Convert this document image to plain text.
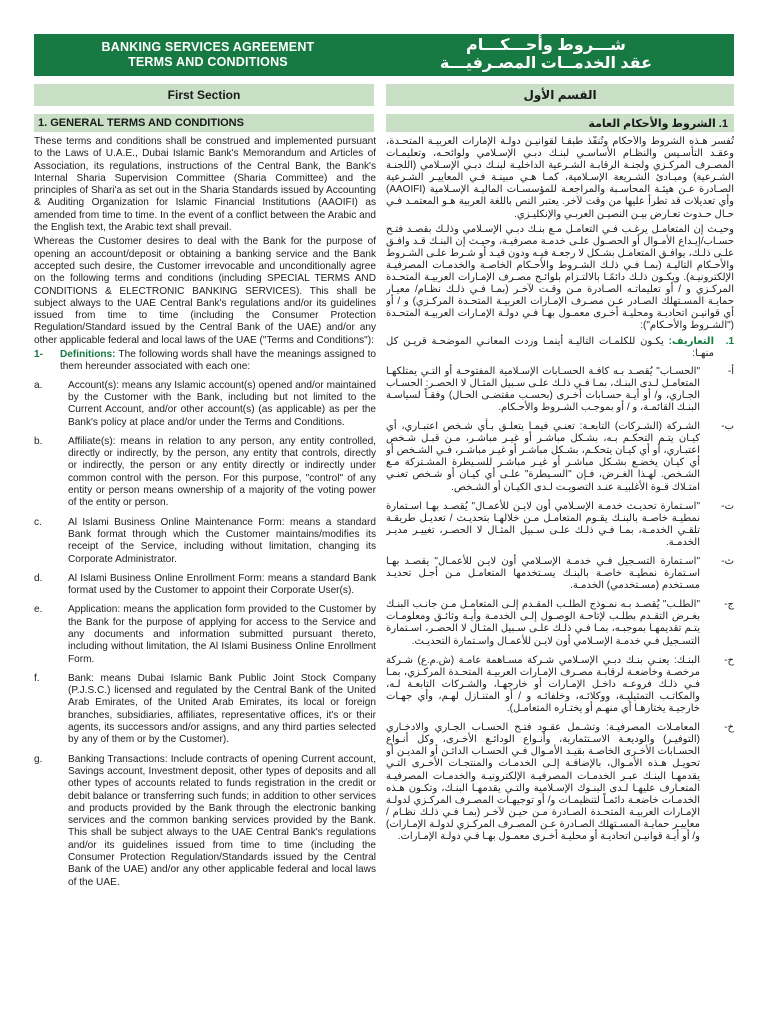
BANKING SERVICES AGREEMENT
TERMS AND CONDITIONS
شـــروط وأحـــكـــام
عقد الخدمــات المصـرفيـــة
First Section	القسم الأول
1. GENERAL TERMS AND CONDITIONS	1. الشروط والأحكام العامة

These terms and conditions shall be construed and implemented pursuant to the Laws of U.A.E., Dubai Islamic Bank's Memorandum and Articles of Association, its regulations, instructions of the Central Bank, the Bank's Internal Sharia Supervision Committee (Sharia Committee) and the principles of Shari'a as set out in the Sharia Standards issued by Accounting & Auditing Organization for Islamic Financial Institutions (AAOIFI) as amended from time to time. In the event of a conflict between the Arabic and the English text, the Arabic text shall prevail.

Whereas the Customer desires to deal with the Bank for the purpose of opening an account/deposit or obtaining a banking service and the Bank accepted such desire, the Customer irrevocable and unconditionally agree on the following terms and conditions (including SPECIAL TERMS AND CONDITIONS & ELECTRONIC BANKING SERVICES). This shall be subject always to the UAE Central Bank's regulations and/or its guidelines issued from time to time (including the Consumer Protection Regulation/Standard issued by the Central Bank of the UAE) and/or any other applicable federal and local laws of the UAE ("Terms and Conditions"):

1-	Definitions: The following words shall have the meanings assigned to them hereunder associated with each one:
a.	Account(s): means any Islamic account(s) opened and/or maintained by the Customer with the Bank, including but not limited to the Current Account, and/or other account(s) (as applicable) as per the Bank's policy at place and/or under the Terms and Conditions.
b.	Affiliate(s): means in relation to any person, any entity controlled, directly or indirectly, by the person, any entity that controls, directly or indirectly, the person or any entity directly or indirectly under common control with the person. For this purpose, "control" of any entity or person means ownership of a majority of the voting power of the entity or person.
c.	Al Islami Business Online Maintenance Form: means a standard Bank format through which the Customer maintains/modifies its receipt of the Service, including without limitation, changing its Corporate Administrator.
d.	Al Islami Business Online Enrollment Form: means a standard Bank format used by the Customer to appoint their Corporate User(s).
e.	Application: means the application form provided to the Customer by the Bank for the purpose of applying for access to the Service and any documents and information submitted pursuant thereto, including without limitation, the Al Islami Business Online Enrollment Form.
f.	Bank: means Dubai Islamic Bank Public Joint Stock Company (P.J.S.C.) licensed and regulated by the Central Bank of the United Arab Emirates, of the United Arab Emirates, its local or foreign branches, subsidiaries, affiliates, representative offices, it's or their agents, its successors and/or assigns, and any third parties selected by any of them or by the Customer).
g.	Banking Transactions: Include contracts of opening Current account, Savings account, Investment deposit, other types of deposits and all other types of accounts related to funds registration in the credit or debit balance or transferring such funds; in addition to other services and products provided by the Bank through the electronic banking services and the common banking services provided by the Bank. This shall be subject always to the UAE Central Bank's regulations and/or its guidelines issued from time to time (including the Consumer Protection Regulation/Standards issued by the Central Bank of the UAE) and/or any other applicable federal and local laws of the UAE.

تُفسر هـذه الشروط والأحكام وتُنفَّذ طبقـاً لقوانيـن دولـة الإمارات العربيـة المتحـدة، وعقـد التأسـيس والنظـام الأساسـي لبنـك دبـي الإسـلامي ولوائحـه، وتعليمـات المصـرف المركـزي ولجنـة الرقابـة الشـرعية الداخليـة لبنـك دبـي الإسـلامي (اللجنـة الشـرعية) ومبـادئ الشـريعة الإسـلامية، كمـا هـي مبينـة فـي المعاييـر الشـرعية الصـادرة عـن هيئـة المحاسـبة والمراجعـة للمؤسسـات الماليـة الإسـلامية (AAOIFI) وأي تعديلات قد تطرأ عليها من وقت لآخر. يعتبر النص باللغة العربية هـو المعتمـد فـي حـال حـدوث تعـارض بيـن النصيـن العربـي والإنكليـزي.

وحيـث إن المتعامـل يرغـب فـي التعامـل مـع بنـك دبـي الإسـلامي وذلـك بقصـد فتـح حسـاب/إيـداع الأمـوال أو الحصـول علـى خدمـة مصرفيـة، وحيـث إن البنـك قـد وافـق علـى ذلـك، يوافـق المتعامـل بشـكل لا رجعـة فيـه ودون قيـد أو شـرط علـى الشـروط والأحـكام التاليـة (بمـا فـي ذلـك الشـروط والأحـكام الخاصـة والخدمـات المصرفيـة الإلكترونيـة). ويكـون ذلـك دائمًـا بالالتـزام بلوائـح مصـرف الإمـارات العربيـة المتحـدة المركـزي و / أو تعليماتـه الصـادرة مـن وقـت لآخـر (بمـا فـي ذلـك نظـام/ معيـار حمايـة المسـتهلك الصـادر عـن مصـرف الإمـارات العربيـة المتحـدة المركـزي) و / أو أي قوانيـن اتحاديـة ومحليـة أخـرى معمـول بهـا فـي دولـة الإمـارات العربيـة المتحـدة ("الشـروط والأحـكام"):

1.
التعاريف: يكـون للكلمـات التاليـة أينمـا وردت المعانـي الموضحـة قريـن كل منهـا:
أ-
"الحسـاب" يُقصـد بـه كافـة الحسـابات الإسـلامية المفتوحـة أو التـي يمتلكهـا المتعامـل لـدى البنـك، بمـا فـي ذلـك علـى سـبيل المثـال لا الحصـر: الحسـاب الجـاري، و/ أو أيـة حسـابات أخـرى (بحسـب مقتضـى الحـال) وفقـاً لسياسـة البنـك القائمـة، و / أو بموجـب الشـروط والأحـكام.
ب-
الشـركة (الشـركات) التابعـة: تعنـي فيمـا يتعلـق بـأي شـخص اعتبـاري، أي كيـان يتـم التحكـم بـه، بشـكل مباشـر أو غيـر مباشـر، مـن قبـل شـخص اعتبـاري، أو أي كيـان يتحكـم، بشـكل مباشـر أو غيـر مباشـر، فـي الشـخص أو أي كيـان يخضـع بشـكل مباشـر أو غيـر مباشـر للسـيطرة المشـتركة مـع الشـخص. لهـذا الغـرض، فـإن "السـيطرة" علـى أي كيـان أو شـخص تعنـي امتـلاك قـوة الأغلبيـة عنـد التصويـت لـدى الكيـان أو الشـخص.
ت-
"اسـتمارة تحديـث خدمـة الإسـلامي أون لايـن للأعمـال" يُقصـد بهـا اسـتمارة نمطيـة خاصـة بالبنـك يقـوم المتعامـل مـن خلالهـا بتحديـث / تعديـل طريقـة تلقـي الخدمـة، بمـا فـي ذلـك علـى سـبيل المثـال لا الحصـر، تغييـر مديـر الخدمـة.
ث-
"اسـتمارة التسـجيل فـي خدمـة الإسـلامي أون لايـن للأعمـال" يقصـد بهـا اسـتمارة نمطيـة خاصـة بالبنـك يسـتخدمها المتعامـل مـن أجـل تحديـد مسـتخدم (مسـتخدمي) الخدمـة.
ج-
"الطلـب" يُقصـد بـه نمـوذج الطلـب المقـدم إلـى المتعامـل مـن جانـب البنـك بغـرض التقـدم بطلـب لإتاحـة الوصـول إلـى الخدمـة وأيـة وثائـق ومعلومـات يتـم تقديمهـا بموجبـه، بمـا فـي ذلـك علـى سـبيل المثـال لا الحصـر، اسـتمارة التسـجيل فـي خدمـة الإسـلامي أون لايـن للأعمـال واسـتمارة التحديـث.
ح-
البنـك: يعنـي بنـك دبـي الإسـلامي شـركة مسـاهمة عامـة (ش.م.ع) شـركة مرخصـة وخاضعـة لرقابـة مصـرف الإمـارات العربيـة المتحـدة المركـزي، بمـا فـي ذلـك فروعـه داخـل الإمـارات أو خارجهـا، والشـركات التابعـة لـه، والمكاتـب التمثيليـة، ووكلائـه، وخلفائـه و / أو المتنـازل لهـم، وأي جهـات خارجيـة يختارهـا أي منهـم أو يختـاره المتعامـل).
خ-
المعامـلات المصرفيـة: وتشـمل عقـود فتـح الحسـاب الجـاري والادخـاري (التوفيـر) والوديعـة الاسـتثمارية، وأنـواع الودائـع الأخـرى، وكل أنـواع الحسـابات الأخـرى الخاصـة بقيـد الأمـوال فـي الحسـاب الدائـن أو المديـن أو تحويـل هـذه الأمـوال، بالإضافـة إلـى الخدمـات والمنتجـات الأخـرى التـي يقدمهـا البنـك عبـر الخدمـات المصرفيـة الإلكترونيـة والخدمـات المصرفيـة المتعـارف عليهـا لـدى البنـوك الإسـلامية والتـي يقدمهـا البنـك، وتكـون هـذه الخدمـات خاضعـة دائمـاً لتنظيمـات و/ أو توجيهـات المصـرف المركـزي لدولـة الإمـارات العربيـة المتحـدة الصـادرة مـن حيـن لآخـر (بمـا فـي ذلـك نظـام / معاييـر حمايـة المسـتهلك الصـادرة عـن المصـرف المركـزي لدولـة الإمـارات) و/ أو أيـة قوانيـن اتحاديـة أو محليـة أخـرى معمـول بهـا فـي دولـة الإمـارات.
